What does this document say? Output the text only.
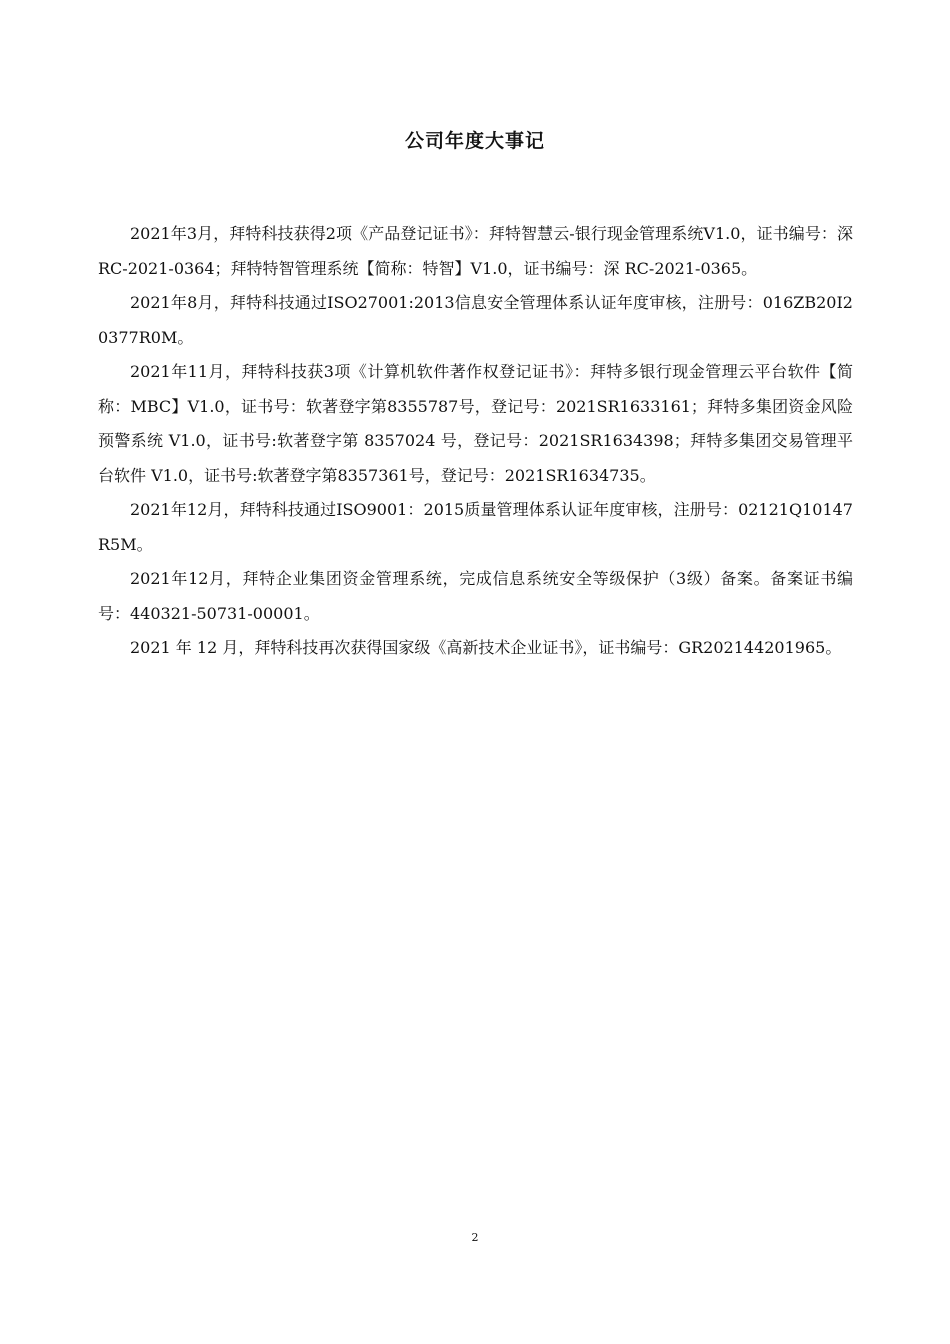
公司年度大事记

2021年3月，拜特科技获得2项《产品登记证书》：拜特智慧云-银行现金管理系统V1.0，证书编号：深 RC-2021-0364；拜特特智管理系统【简称：特智】V1.0，证书编号：深 RC-2021-0365。

2021年8月，拜特科技通过ISO27001:2013信息安全管理体系认证年度审核，注册号：016ZB20I20377R0M。

2021年11月，拜特科技获3项《计算机软件著作权登记证书》：拜特多银行现金管理云平台软件【简称：MBC】V1.0，证书号：软著登字第8355787号，登记号：2021SR1633161；拜特多集团资金风险预警系统 V1.0，证书号:软著登字第 8357024 号，登记号：2021SR1634398；拜特多集团交易管理平台软件 V1.0，证书号:软著登字第8357361号，登记号：2021SR1634735。

2021年12月，拜特科技通过ISO9001：2015质量管理体系认证年度审核，注册号：02121Q10147R5M。

2021年12月，拜特企业集团资金管理系统，完成信息系统安全等级保护（3级）备案。备案证书编号：440321-50731-00001。

2021 年 12 月，拜特科技再次获得国家级《高新技术企业证书》，证书编号：GR202144201965。

2
